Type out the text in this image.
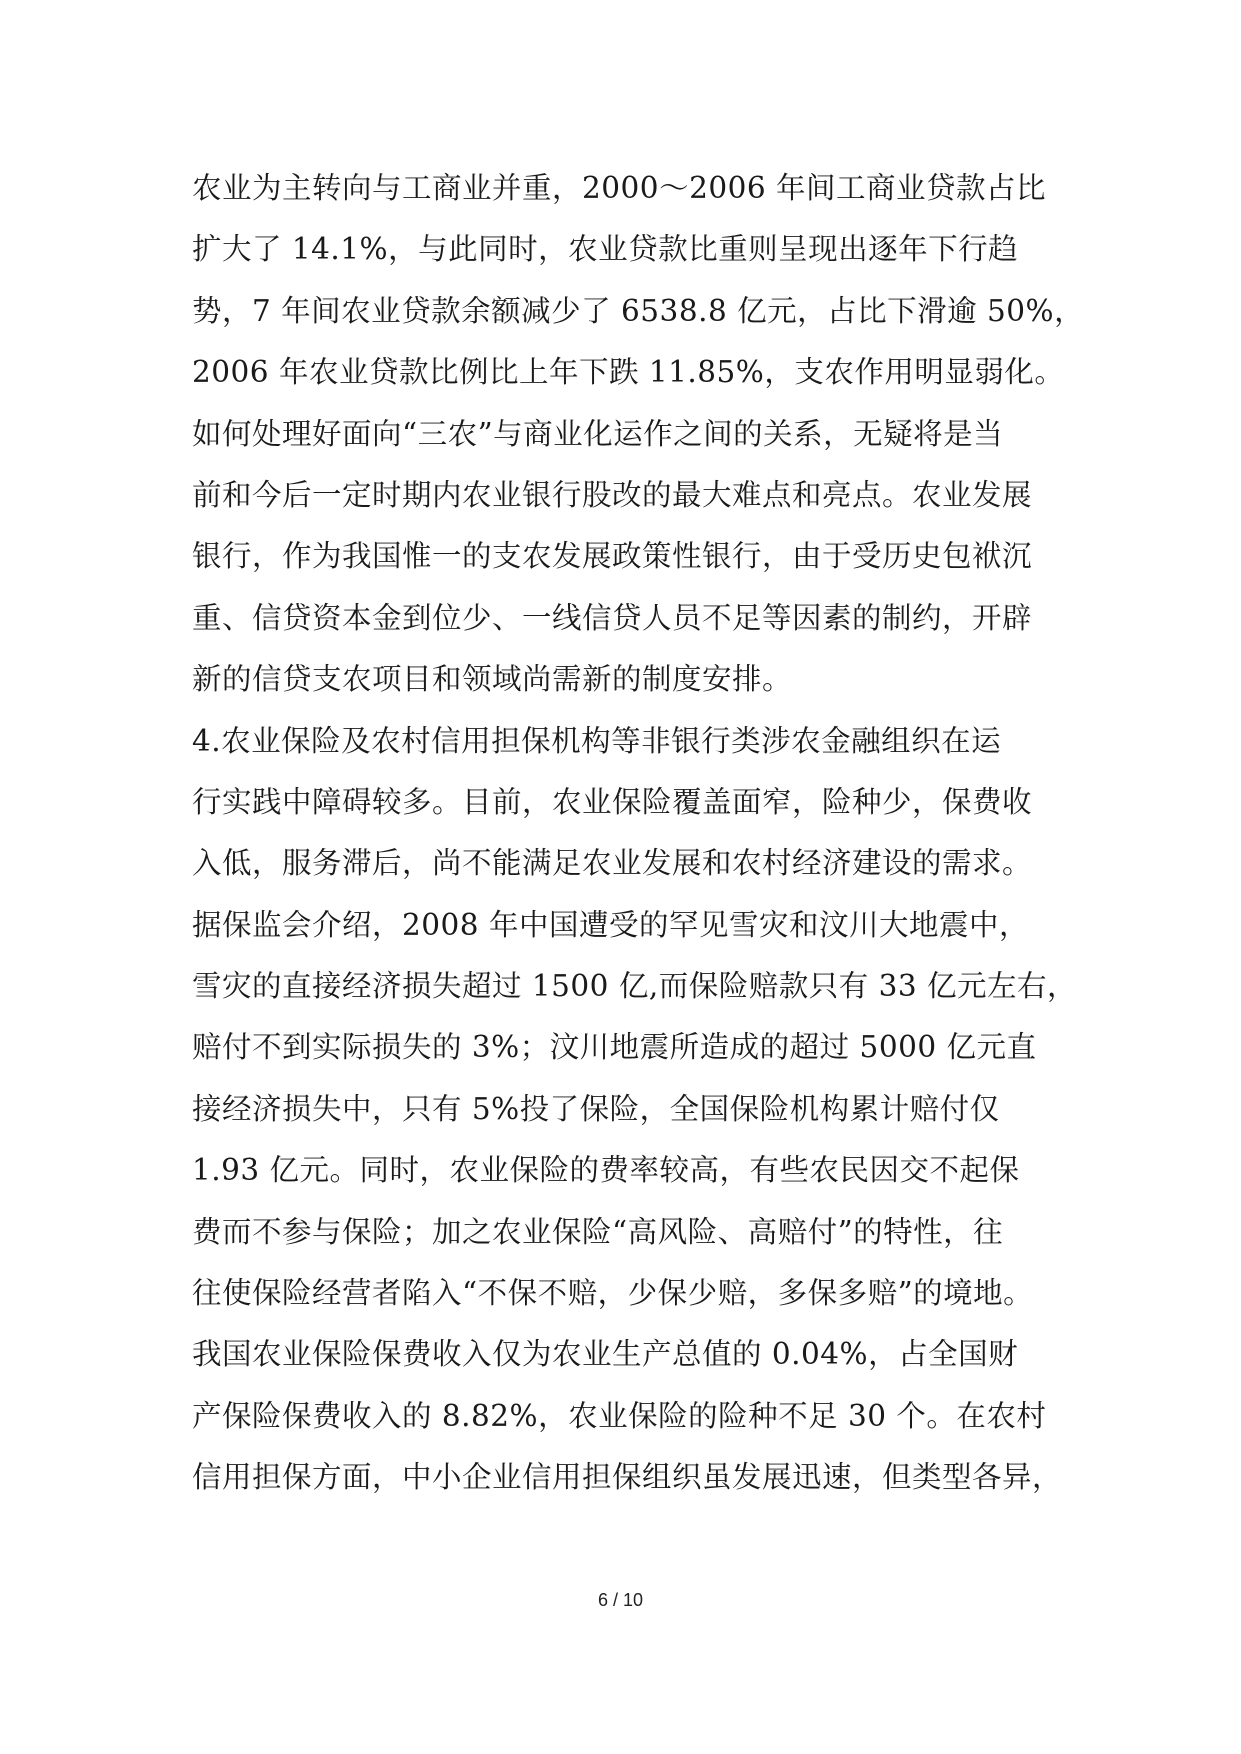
农业为主转向与工商业并重，2000～2006 年间工商业贷款占比
扩大了 14.1%，与此同时，农业贷款比重则呈现出逐年下行趋
势，7 年间农业贷款余额减少了 6538.8 亿元，占比下滑逾 50%，
2006 年农业贷款比例比上年下跌 11.85%，支农作用明显弱化。
如何处理好面向“三农”与商业化运作之间的关系，无疑将是当
前和今后一定时期内农业银行股改的最大难点和亮点。农业发展
银行，作为我国惟一的支农发展政策性银行，由于受历史包袱沉
重、信贷资本金到位少、一线信贷人员不足等因素的制约，开辟
新的信贷支农项目和领域尚需新的制度安排。
4.农业保险及农村信用担保机构等非银行类涉农金融组织在运
行实践中障碍较多。目前，农业保险覆盖面窄，险种少，保费收
入低，服务滞后，尚不能满足农业发展和农村经济建设的需求。
据保监会介绍，2008 年中国遭受的罕见雪灾和汶川大地震中，
雪灾的直接经济损失超过 1500 亿,而保险赔款只有 33 亿元左右，
赔付不到实际损失的 3%；汶川地震所造成的超过 5000 亿元直
接经济损失中，只有 5%投了保险，全国保险机构累计赔付仅
1.93 亿元。同时，农业保险的费率较高，有些农民因交不起保
费而不参与保险；加之农业保险“高风险、高赔付”的特性，往
往使保险经营者陷入“不保不赔，少保少赔，多保多赔”的境地。
我国农业保险保费收入仅为农业生产总值的 0.04%，占全国财
产保险保费收入的 8.82%，农业保险的险种不足 30 个。在农村
信用担保方面，中小企业信用担保组织虽发展迅速，但类型各异，
6 / 10
